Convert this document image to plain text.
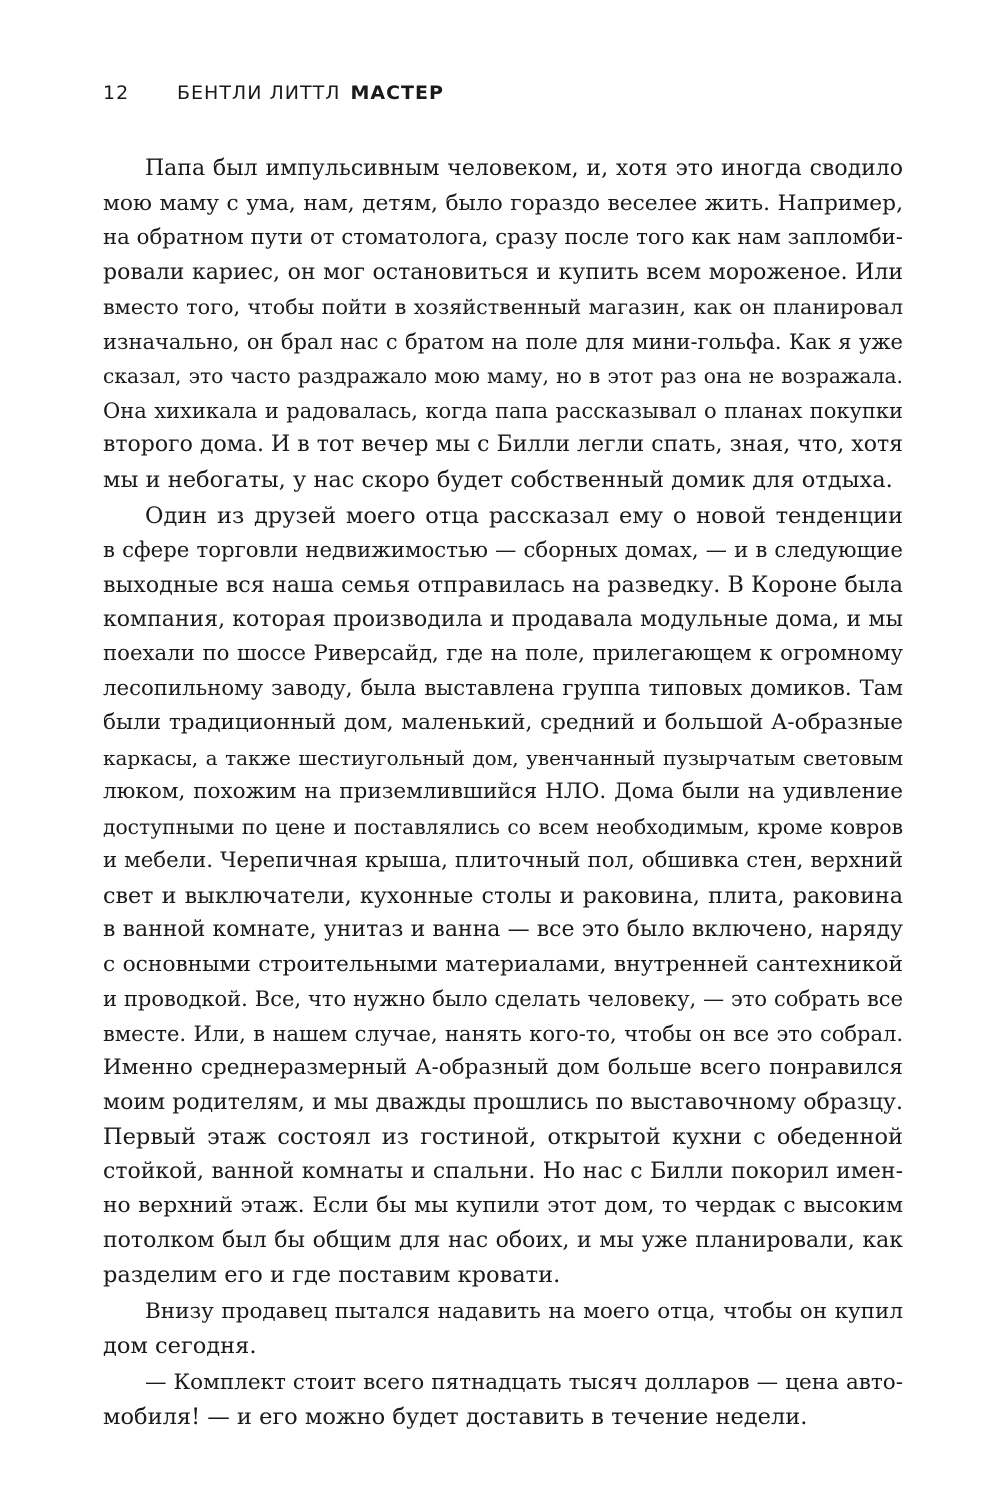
12	БЕНТЛИ ЛИТТЛ МАСТЕР
Папа был импульсивным человеком, и, хотя это иногда сводило
мою маму с ума, нам, детям, было гораздо веселее жить. Например,
на обратном пути от стоматолога, сразу после того как нам запломби-
ровали кариес, он мог остановиться и купить всем мороженое. Или
вместо того, чтобы пойти в хозяйственный магазин, как он планировал
изначально, он брал нас с братом на поле для мини-гольфа. Как я уже
сказал, это часто раздражало мою маму, но в этот раз она не возражала.
Она хихикала и радовалась, когда папа рассказывал о планах покупки
второго дома. И в тот вечер мы с Билли легли спать, зная, что, хотя
мы и небогаты, у нас скоро будет собственный домик для отдыха.
Один из друзей моего отца рассказал ему о новой тенденции
в сфере торговли недвижимостью — сборных домах, — и в следующие
выходные вся наша семья отправилась на разведку. В Короне была
компания, которая производила и продавала модульные дома, и мы
поехали по шоссе Риверсайд, где на поле, прилегающем к огромному
лесопильному заводу, была выставлена группа типовых домиков. Там
были традиционный дом, маленький, средний и большой А-образные
каркасы, а также шестиугольный дом, увенчанный пузырчатым световым
люком, похожим на приземлившийся НЛО. Дома были на удивление
доступными по цене и поставлялись со всем необходимым, кроме ковров
и мебели. Черепичная крыша, плиточный пол, обшивка стен, верхний
свет и выключатели, кухонные столы и раковина, плита, раковина
в ванной комнате, унитаз и ванна — все это было включено, наряду
с основными строительными материалами, внутренней сантехникой
и проводкой. Все, что нужно было сделать человеку, — это собрать все
вместе. Или, в нашем случае, нанять кого-то, чтобы он все это собрал.
Именно среднеразмерный А-образный дом больше всего понравился
моим родителям, и мы дважды прошлись по выставочному образцу.
Первый этаж состоял из гостиной, открытой кухни с обеденной
стойкой, ванной комнаты и спальни. Но нас с Билли покорил имен-
но верхний этаж. Если бы мы купили этот дом, то чердак с высоким
потолком был бы общим для нас обоих, и мы уже планировали, как
разделим его и где поставим кровати.
Внизу продавец пытался надавить на моего отца, чтобы он купил
дом сегодня.
— Комплект стоит всего пятнадцать тысяч долларов — цена авто-
мобиля! — и его можно будет доставить в течение недели.
